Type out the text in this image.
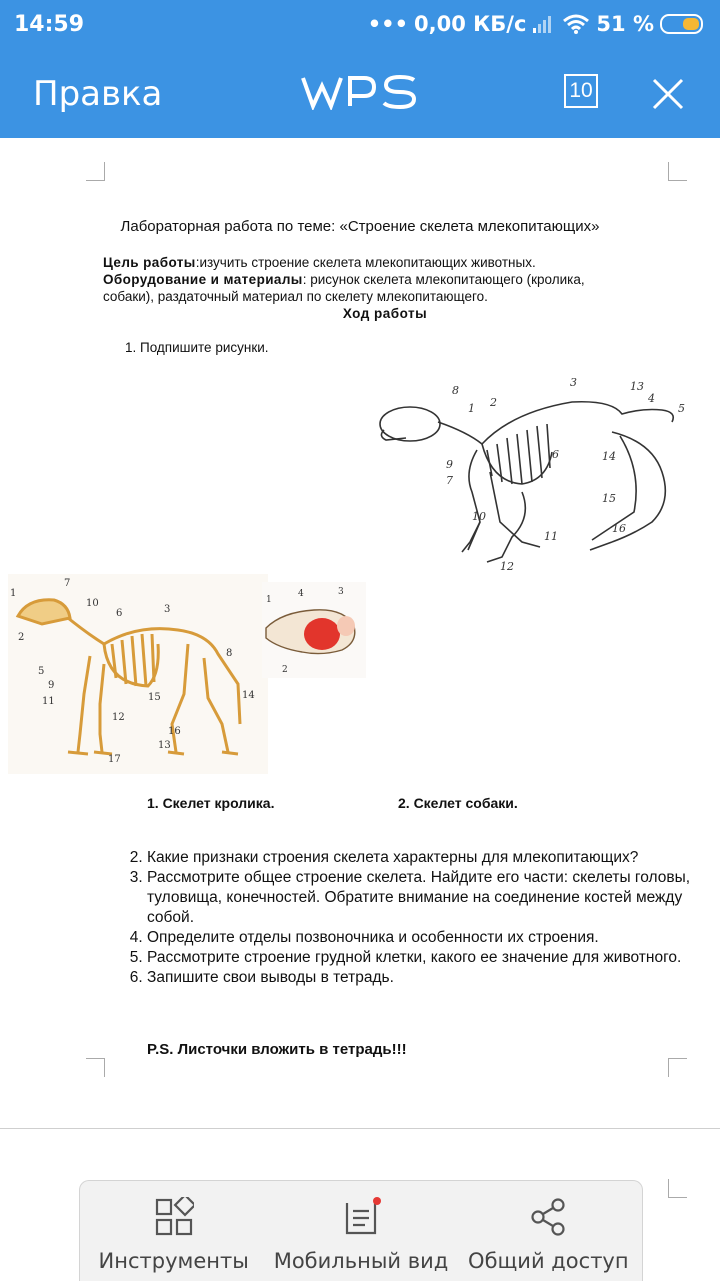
14:59	••• 0,00 КБ/с	51 %
Правка	10
Лабораторная работа по теме: «Строение скелета млекопитающих»
Цель работы:изучить строение скелета млекопитающих животных.
Оборудование и материалы: рисунок скелета млекопитающего (кролика,
собаки), раздаточный материал по скелету млекопитающего.
Ход работы
1. Подпишите рисунки.
8
1 2
3	13
4
5
6
9
7
10
11
12
15
16
14
1
7
10
6	3
8
2
5
9
11
12
15	14
16
13
17
1
4	3
2
1. Скелет кролика.	2. Скелет собаки.
2. Какие признаки строения скелета характерны для млекопитающих?
3. Рассмотрите общее строение скелета. Найдите его части: скелеты головы, туловища, конечностей. Обратите внимание на соединение костей между собой.
4. Определите отделы позвоночника и особенности их строения.
5. Рассмотрите строение грудной клетки, какого ее значение для животного.
6. Запишите свои выводы в тетрадь.
P.S. Листочки вложить в тетрадь!!!
Инструменты	Мобильный вид Общий доступ
